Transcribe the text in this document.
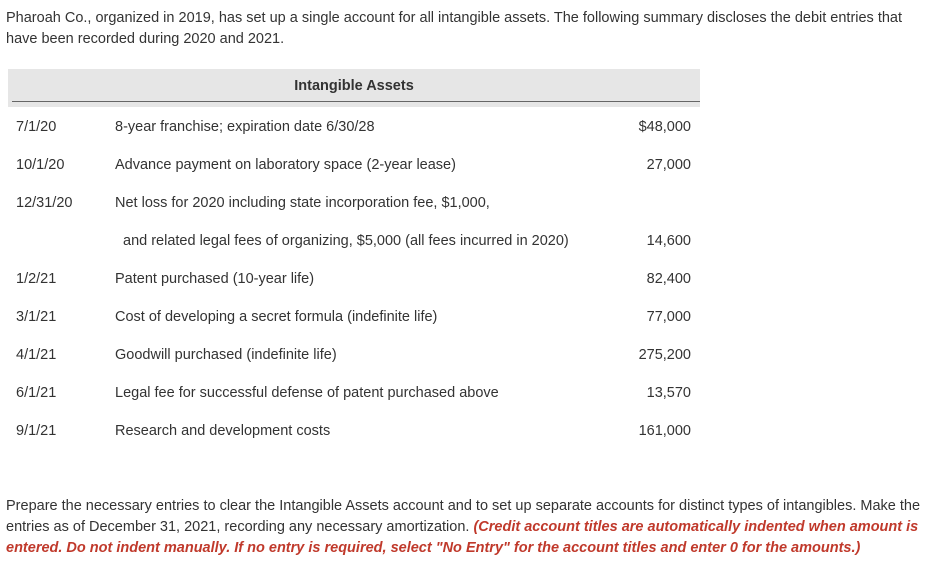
Pharoah Co., organized in 2019, has set up a single account for all intangible assets. The following summary discloses the debit entries that have been recorded during 2020 and 2021.

Intangible Assets
7/1/20	8-year franchise; expiration date 6/30/28	$48,000
10/1/20	Advance payment on laboratory space (2-year lease)	27,000
12/31/20	Net loss for 2020 including state incorporation fee, $1,000,
and related legal fees of organizing, $5,000 (all fees incurred in 2020)	14,600
1/2/21	Patent purchased (10-year life)	82,400
3/1/21	Cost of developing a secret formula (indefinite life)	77,000
4/1/21	Goodwill purchased (indefinite life)	275,200
6/1/21	Legal fee for successful defense of patent purchased above	13,570
9/1/21	Research and development costs	161,000

Prepare the necessary entries to clear the Intangible Assets account and to set up separate accounts for distinct types of intangibles. Make the entries as of December 31, 2021, recording any necessary amortization. (Credit account titles are automatically indented when amount is entered. Do not indent manually. If no entry is required, select "No Entry" for the account titles and enter 0 for the amounts.)
